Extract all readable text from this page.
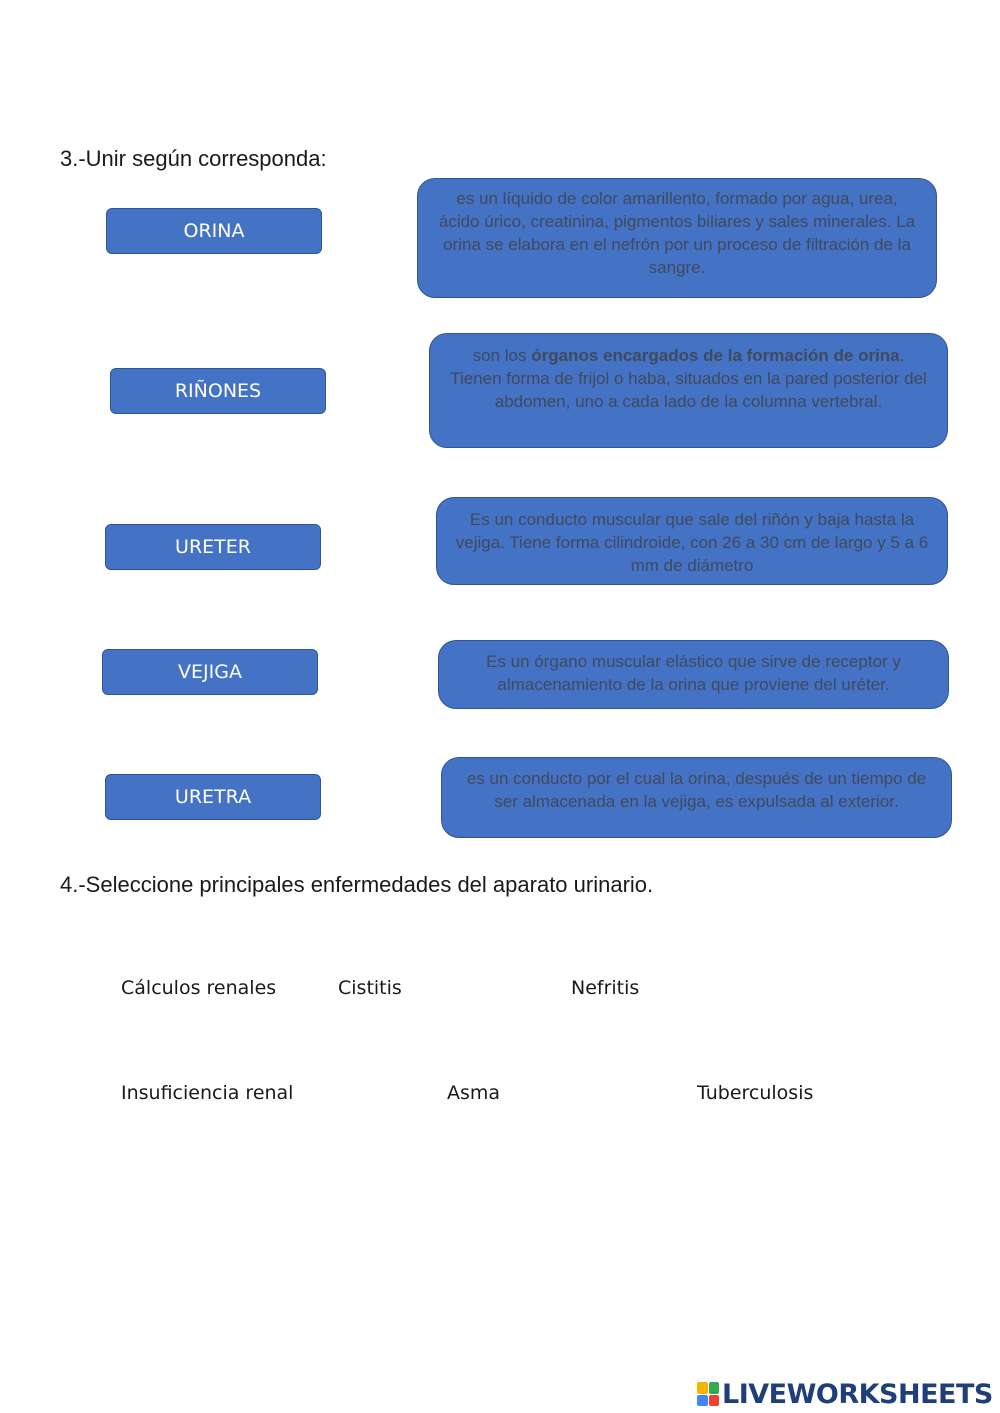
3.-Unir según corresponda:
ORINA
RIÑONES
URETER
VEJIGA
URETRA
es un líquido de color amarillento, formado por agua, urea, ácido úrico, creatinina, pigmentos biliares y sales minerales. La orina se elabora en el nefrón por un proceso de filtración de la sangre.
son los órganos encargados de la formación de orina. Tienen forma de frijol o haba, situados en la pared posterior del abdomen, uno a cada lado de la columna vertebral.
Es un conducto muscular que sale del riñón y baja hasta la vejiga. Tiene forma cilindroide, con 26 a 30 cm de largo y 5 a 6 mm de diámetro
Es un órgano muscular elástico que sirve de receptor y almacenamiento de la orina que proviene del uréter.
es un conducto por el cual la orina, después de un tiempo de ser almacenada en la vejiga, es expulsada al exterior.
4.-Seleccione principales enfermedades del aparato urinario.
Cálculos renales	Cistitis	Nefritis
Insuficiencia renal	Asma	Tuberculosis
LIVEWORKSHEETS
